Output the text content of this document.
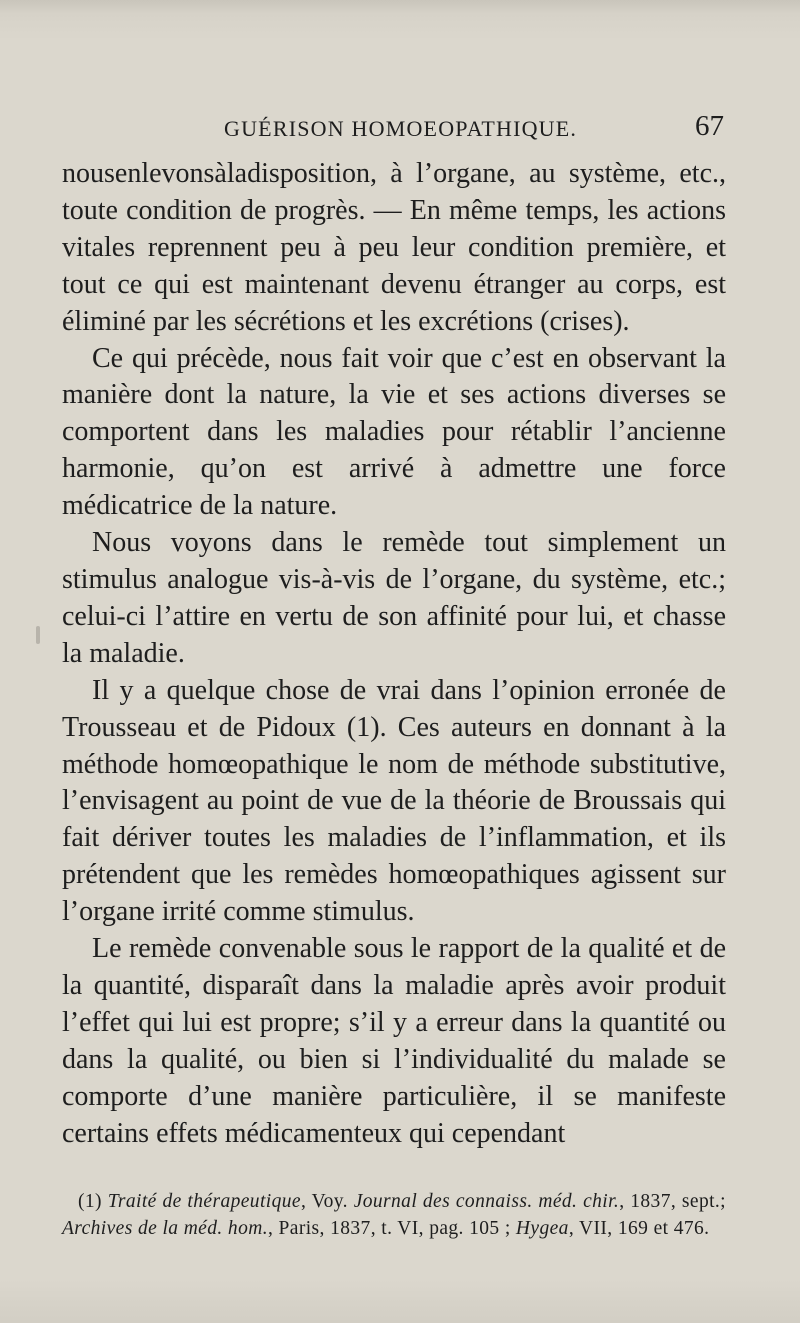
GUÉRISON HOMOEOPATHIQUE.	67

nousenlevonsàladisposition, à l’organe, au système, etc., toute condition de progrès. — En même temps, les actions vitales reprennent peu à peu leur condition première, et tout ce qui est maintenant devenu étranger au corps, est éliminé par les sécrétions et les excrétions (crises).

Ce qui précède, nous fait voir que c’est en observant la manière dont la nature, la vie et ses actions diverses se comportent dans les maladies pour rétablir l’ancienne harmonie, qu’on est arrivé à admettre une force médicatrice de la nature.

Nous voyons dans le remède tout simplement un stimulus analogue vis-à-vis de l’organe, du système, etc.; celui-ci l’attire en vertu de son affinité pour lui, et chasse la maladie.

Il y a quelque chose de vrai dans l’opinion erronée de Trousseau et de Pidoux (1). Ces auteurs en donnant à la méthode homœopathique le nom de méthode substitutive, l’envisagent au point de vue de la théorie de Broussais qui fait dériver toutes les maladies de l’inflammation, et ils prétendent que les remèdes homœopathiques agissent sur l’organe irrité comme stimulus.

Le remède convenable sous le rapport de la qualité et de la quantité, disparaît dans la maladie après avoir produit l’effet qui lui est propre; s’il y a erreur dans la quantité ou dans la qualité, ou bien si l’individualité du malade se comporte d’une manière particulière, il se manifeste certains effets médicamenteux qui cependant

(1) Traité de thérapeutique, Voy. Journal des connaiss. méd. chir., 1837, sept.; Archives de la méd. hom., Paris, 1837, t. VI, pag. 105 ; Hygea, VII, 169 et 476.
